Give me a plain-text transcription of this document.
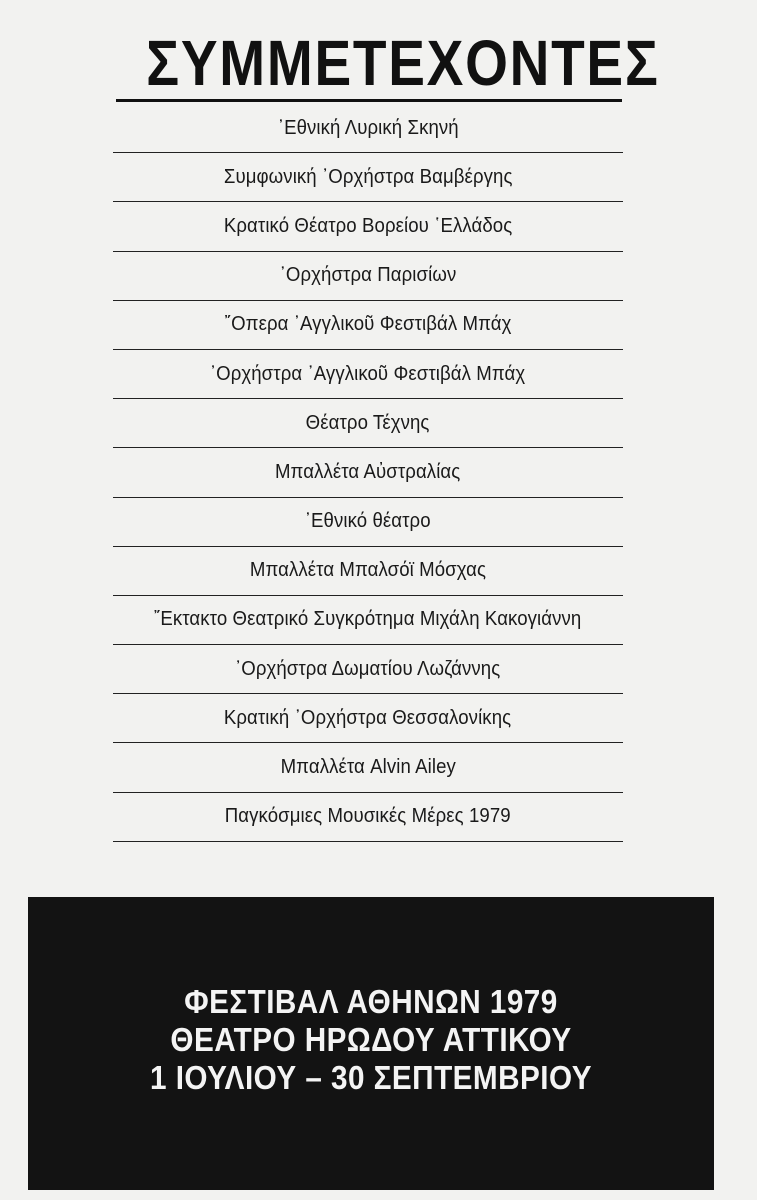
ΣΥΜΜΕΤΕΧΟΝΤΕΣ
᾿Εθνική Λυρική Σκηνή
Συμφωνική ᾿Ορχήστρα Βαμβέργης
Κρατικό Θέατρο Βορείου ῾Ελλάδος
᾿Ορχήστρα Παρισίων
῎Οπερα ᾿Αγγλικοῦ Φεστιβάλ Μπάχ
᾿Ορχήστρα ᾿Αγγλικοῦ Φεστιβάλ Μπάχ
Θέατρο Τέχνης
Μπαλλέτα Αὐστραλίας
᾿Εθνικό θέατρο
Μπαλλέτα Μπαλσόϊ Μόσχας
῎Εκτακτο Θεατρικό Συγκρότημα Μιχάλη Κακογιάννη
᾿Ορχήστρα Δωματίου Λωζάννης
Κρατική ᾿Ορχήστρα Θεσσαλονίκης
Μπαλλέτα Alvin Ailey
Παγκόσμιες Μουσικές Μέρες 1979
ΦΕΣΤΙΒΑΛ ΑΘΗΝΩΝ 1979
ΘΕΑΤΡΟ ΗΡΩΔΟΥ ΑΤΤΙΚΟΥ
1 ΙΟΥΛΙΟΥ – 30 ΣΕΠΤΕΜΒΡΙΟΥ
